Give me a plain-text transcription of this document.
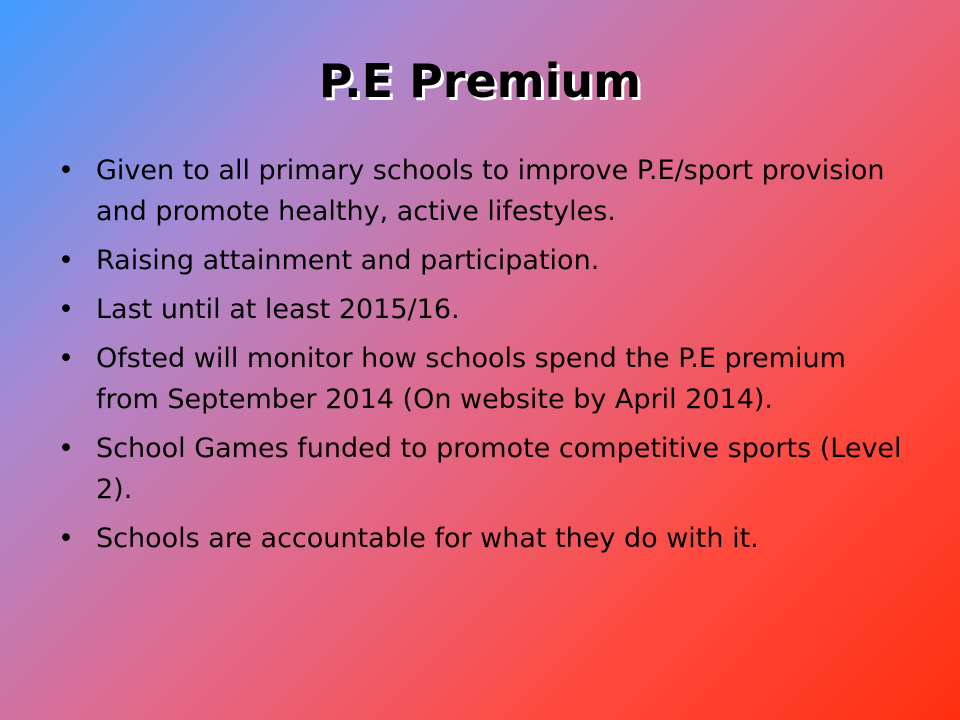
P.E Premium
• Given to all primary schools to improve P.E/sport provision and promote healthy, active lifestyles.
• Raising attainment and participation.
• Last until at least 2015/16.
• Ofsted will monitor how schools spend the P.E premium from September 2014 (On website by April 2014).
• School Games funded to promote competitive sports (Level 2).
• Schools are accountable for what they do with it.
